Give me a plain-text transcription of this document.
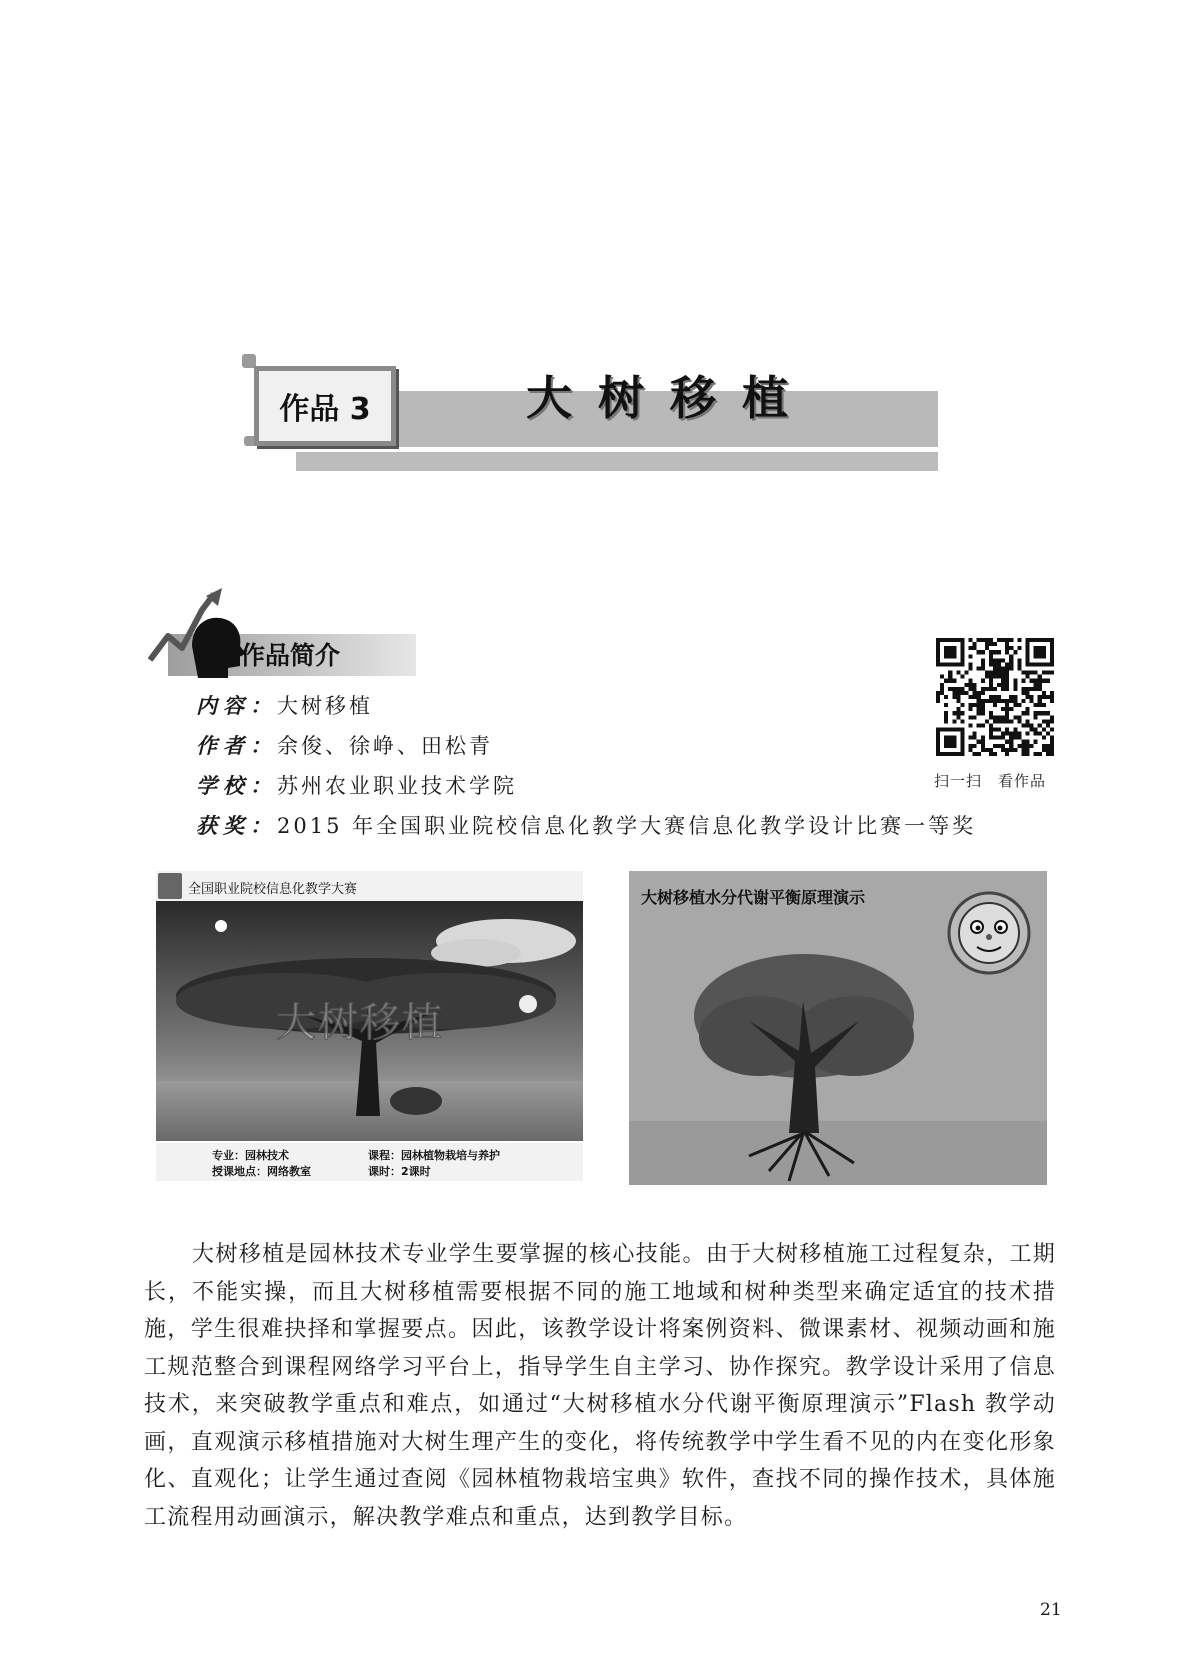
作品 3	大树移植
作品简介
内容：大树移植
作者：余俊、徐峥、田松青
学校：苏州农业职业技术学院
获奖：2015 年全国职业院校信息化教学大赛信息化教学设计比赛一等奖
扫一扫 看作品
全国职业院校信息化教学大赛
大树移植
专业：园林技术
授课地点：网络教室
课程：园林植物栽培与养护
课时：2课时
大树移植水分代谢平衡原理演示

大树移植是园林技术专业学生要掌握的核心技能。由于大树移植施工过程复杂，工期长，不能实操，而且大树移植需要根据不同的施工地域和树种类型来确定适宜的技术措施，学生很难抉择和掌握要点。因此，该教学设计将案例资料、微课素材、视频动画和施工规范整合到课程网络学习平台上，指导学生自主学习、协作探究。教学设计采用了信息技术，来突破教学重点和难点，如通过“大树移植水分代谢平衡原理演示”Flash 教学动画，直观演示移植措施对大树生理产生的变化，将传统教学中学生看不见的内在变化形象化、直观化；让学生通过查阅《园林植物栽培宝典》软件，查找不同的操作技术，具体施工流程用动画演示，解决教学难点和重点，达到教学目标。

21
